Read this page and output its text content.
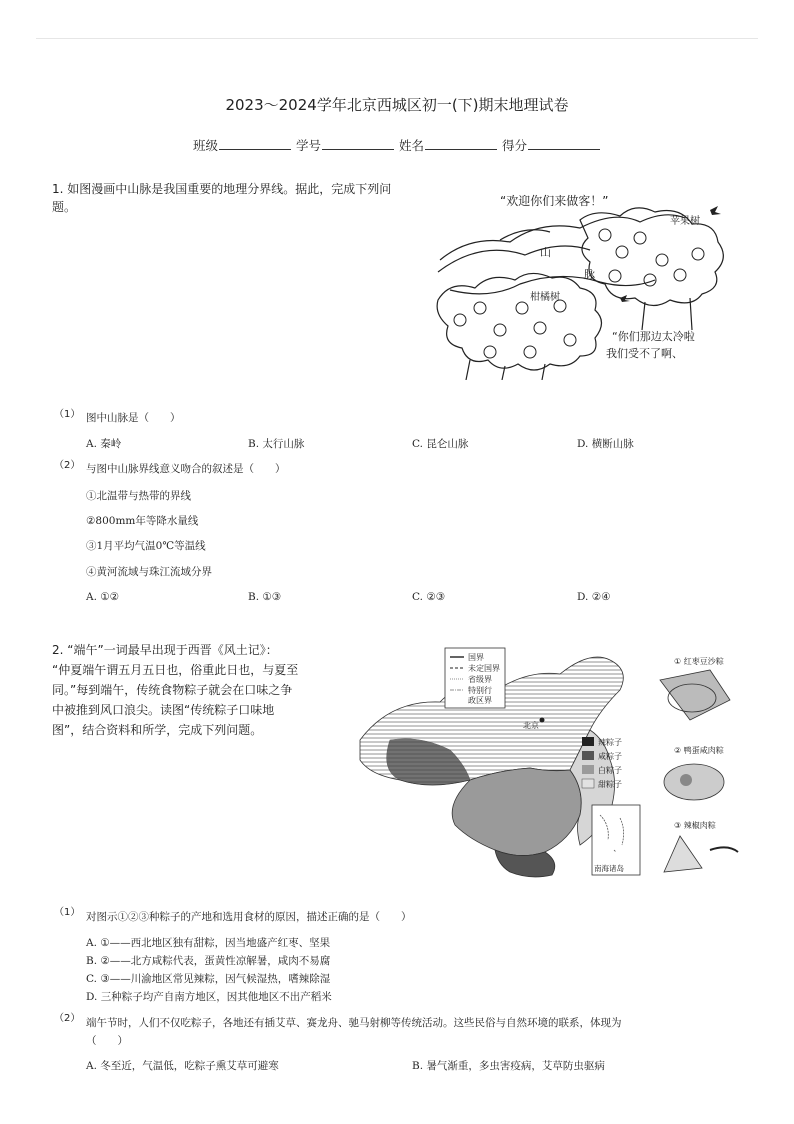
2023～2024学年北京西城区初一(下)期末地理试卷
班级	学号	姓名	得分
1. 如图漫画中山脉是我国重要的地理分界线。据此，完成下列问
题。	“欢迎你们来做客！”
苹果树
山
脉
柑橘树
“你们那边太冷啦
我们受不了啊、
（1） 图中山脉是（　　）
A. 秦岭	B. 太行山脉	C. 昆仑山脉	D. 横断山脉
（2） 与图中山脉界线意义吻合的叙述是（　　）
①北温带与热带的界线
②800mm年等降水量线
③1月平均气温0℃等温线
④黄河流域与珠江流域分界
A. ①②	B. ①③	C. ②③	D. ②④
2. “端午”一词最早出现于西晋《风土记》：
“仲夏端午谓五月五日也，俗重此日也，与夏至
同。”每到端午，传统食物粽子就会在口味之争
中被推到风口浪尖。读图“传统粽子口味地
图”，结合资料和所学，完成下列问题。
国界
未定国界
省级界
特别行
政区界
北京
辣粽子
咸粽子
白粽子
甜粽子
南海诸岛
① 红枣豆沙粽
② 鸭蛋咸肉粽
③ 辣椒肉粽
（1） 对图示①②③种粽子的产地和选用食材的原因，描述正确的是（　　）
A. ①——西北地区独有甜粽，因当地盛产红枣、坚果
B. ②——北方咸粽代表，蛋黄性凉解暑，咸肉不易腐
C. ③——川渝地区常见辣粽，因气候湿热，嗜辣除湿
D. 三种粽子均产自南方地区，因其他地区不出产稻米
（2） 端午节时，人们不仅吃粽子，各地还有插艾草、赛龙舟、驰马射柳等传统活动。这些民俗与自然环境的联系，体现为
（　　）
A. 冬至近，气温低，吃粽子熏艾草可避寒	B. 暑气渐重，多虫害疫病，艾草防虫驱病
